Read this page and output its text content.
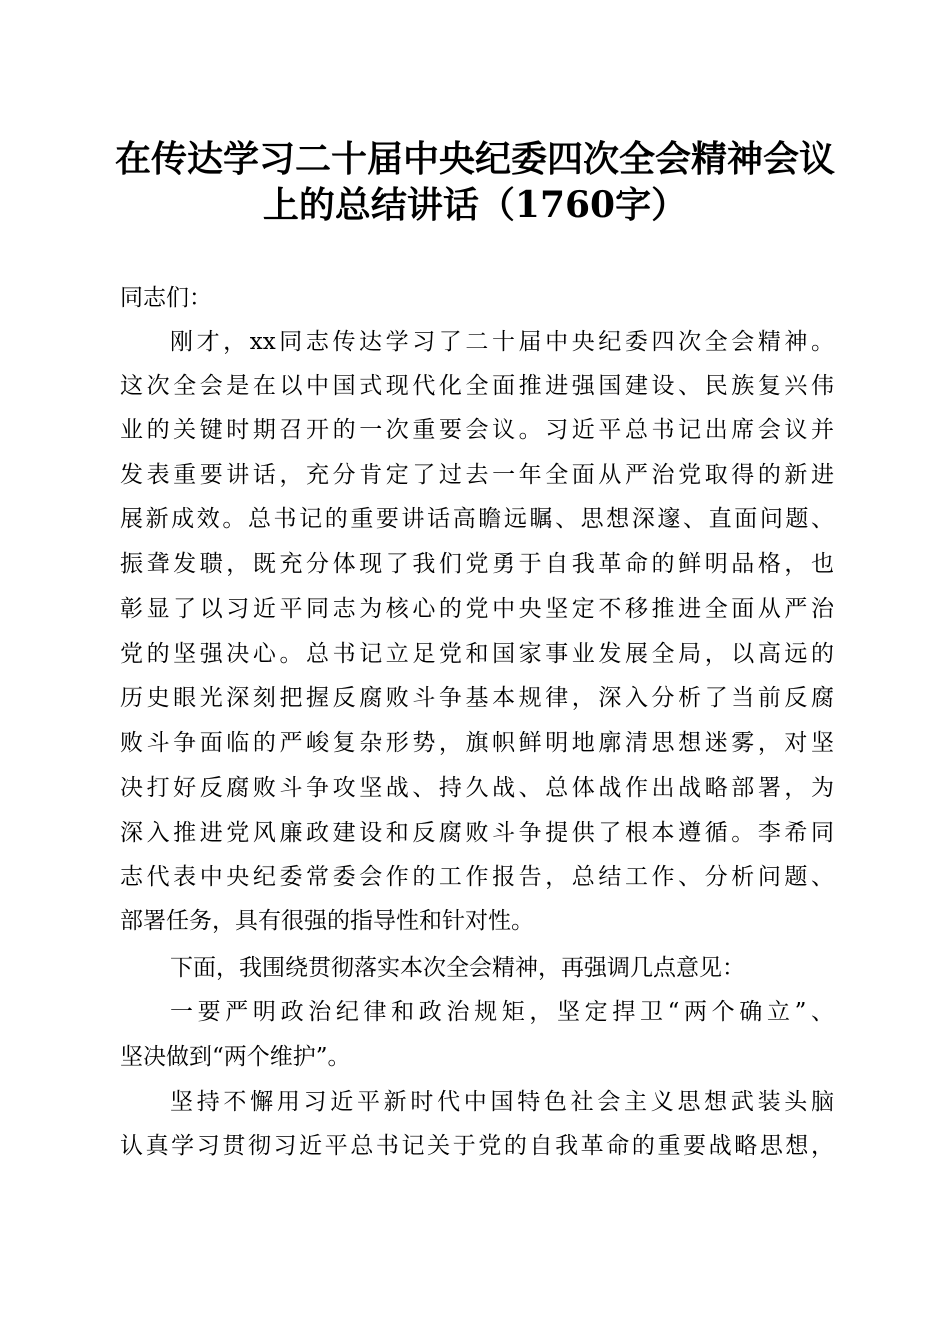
在传达学习二十届中央纪委四次全会精神会议
上的总结讲话（1760字）
同志们：
刚才，xx同志传达学习了二十届中央纪委四次全会精神。
这次全会是在以中国式现代化全面推进强国建设、民族复兴伟
业的关键时期召开的一次重要会议。习近平总书记出席会议并
发表重要讲话，充分肯定了过去一年全面从严治党取得的新进
展新成效。总书记的重要讲话高瞻远瞩、思想深邃、直面问题、
振聋发聩，既充分体现了我们党勇于自我革命的鲜明品格，也
彰显了以习近平同志为核心的党中央坚定不移推进全面从严治
党的坚强决心。总书记立足党和国家事业发展全局，以高远的
历史眼光深刻把握反腐败斗争基本规律，深入分析了当前反腐
败斗争面临的严峻复杂形势，旗帜鲜明地廓清思想迷雾，对坚
决打好反腐败斗争攻坚战、持久战、总体战作出战略部署，为
深入推进党风廉政建设和反腐败斗争提供了根本遵循。李希同
志代表中央纪委常委会作的工作报告，总结工作、分析问题、
部署任务，具有很强的指导性和针对性。
下面，我围绕贯彻落实本次全会精神，再强调几点意见：
一要严明政治纪律和政治规矩，坚定捍卫“两个确立”、
坚决做到“两个维护”。
坚持不懈用习近平新时代中国特色社会主义思想武装头脑
认真学习贯彻习近平总书记关于党的自我革命的重要战略思想，
